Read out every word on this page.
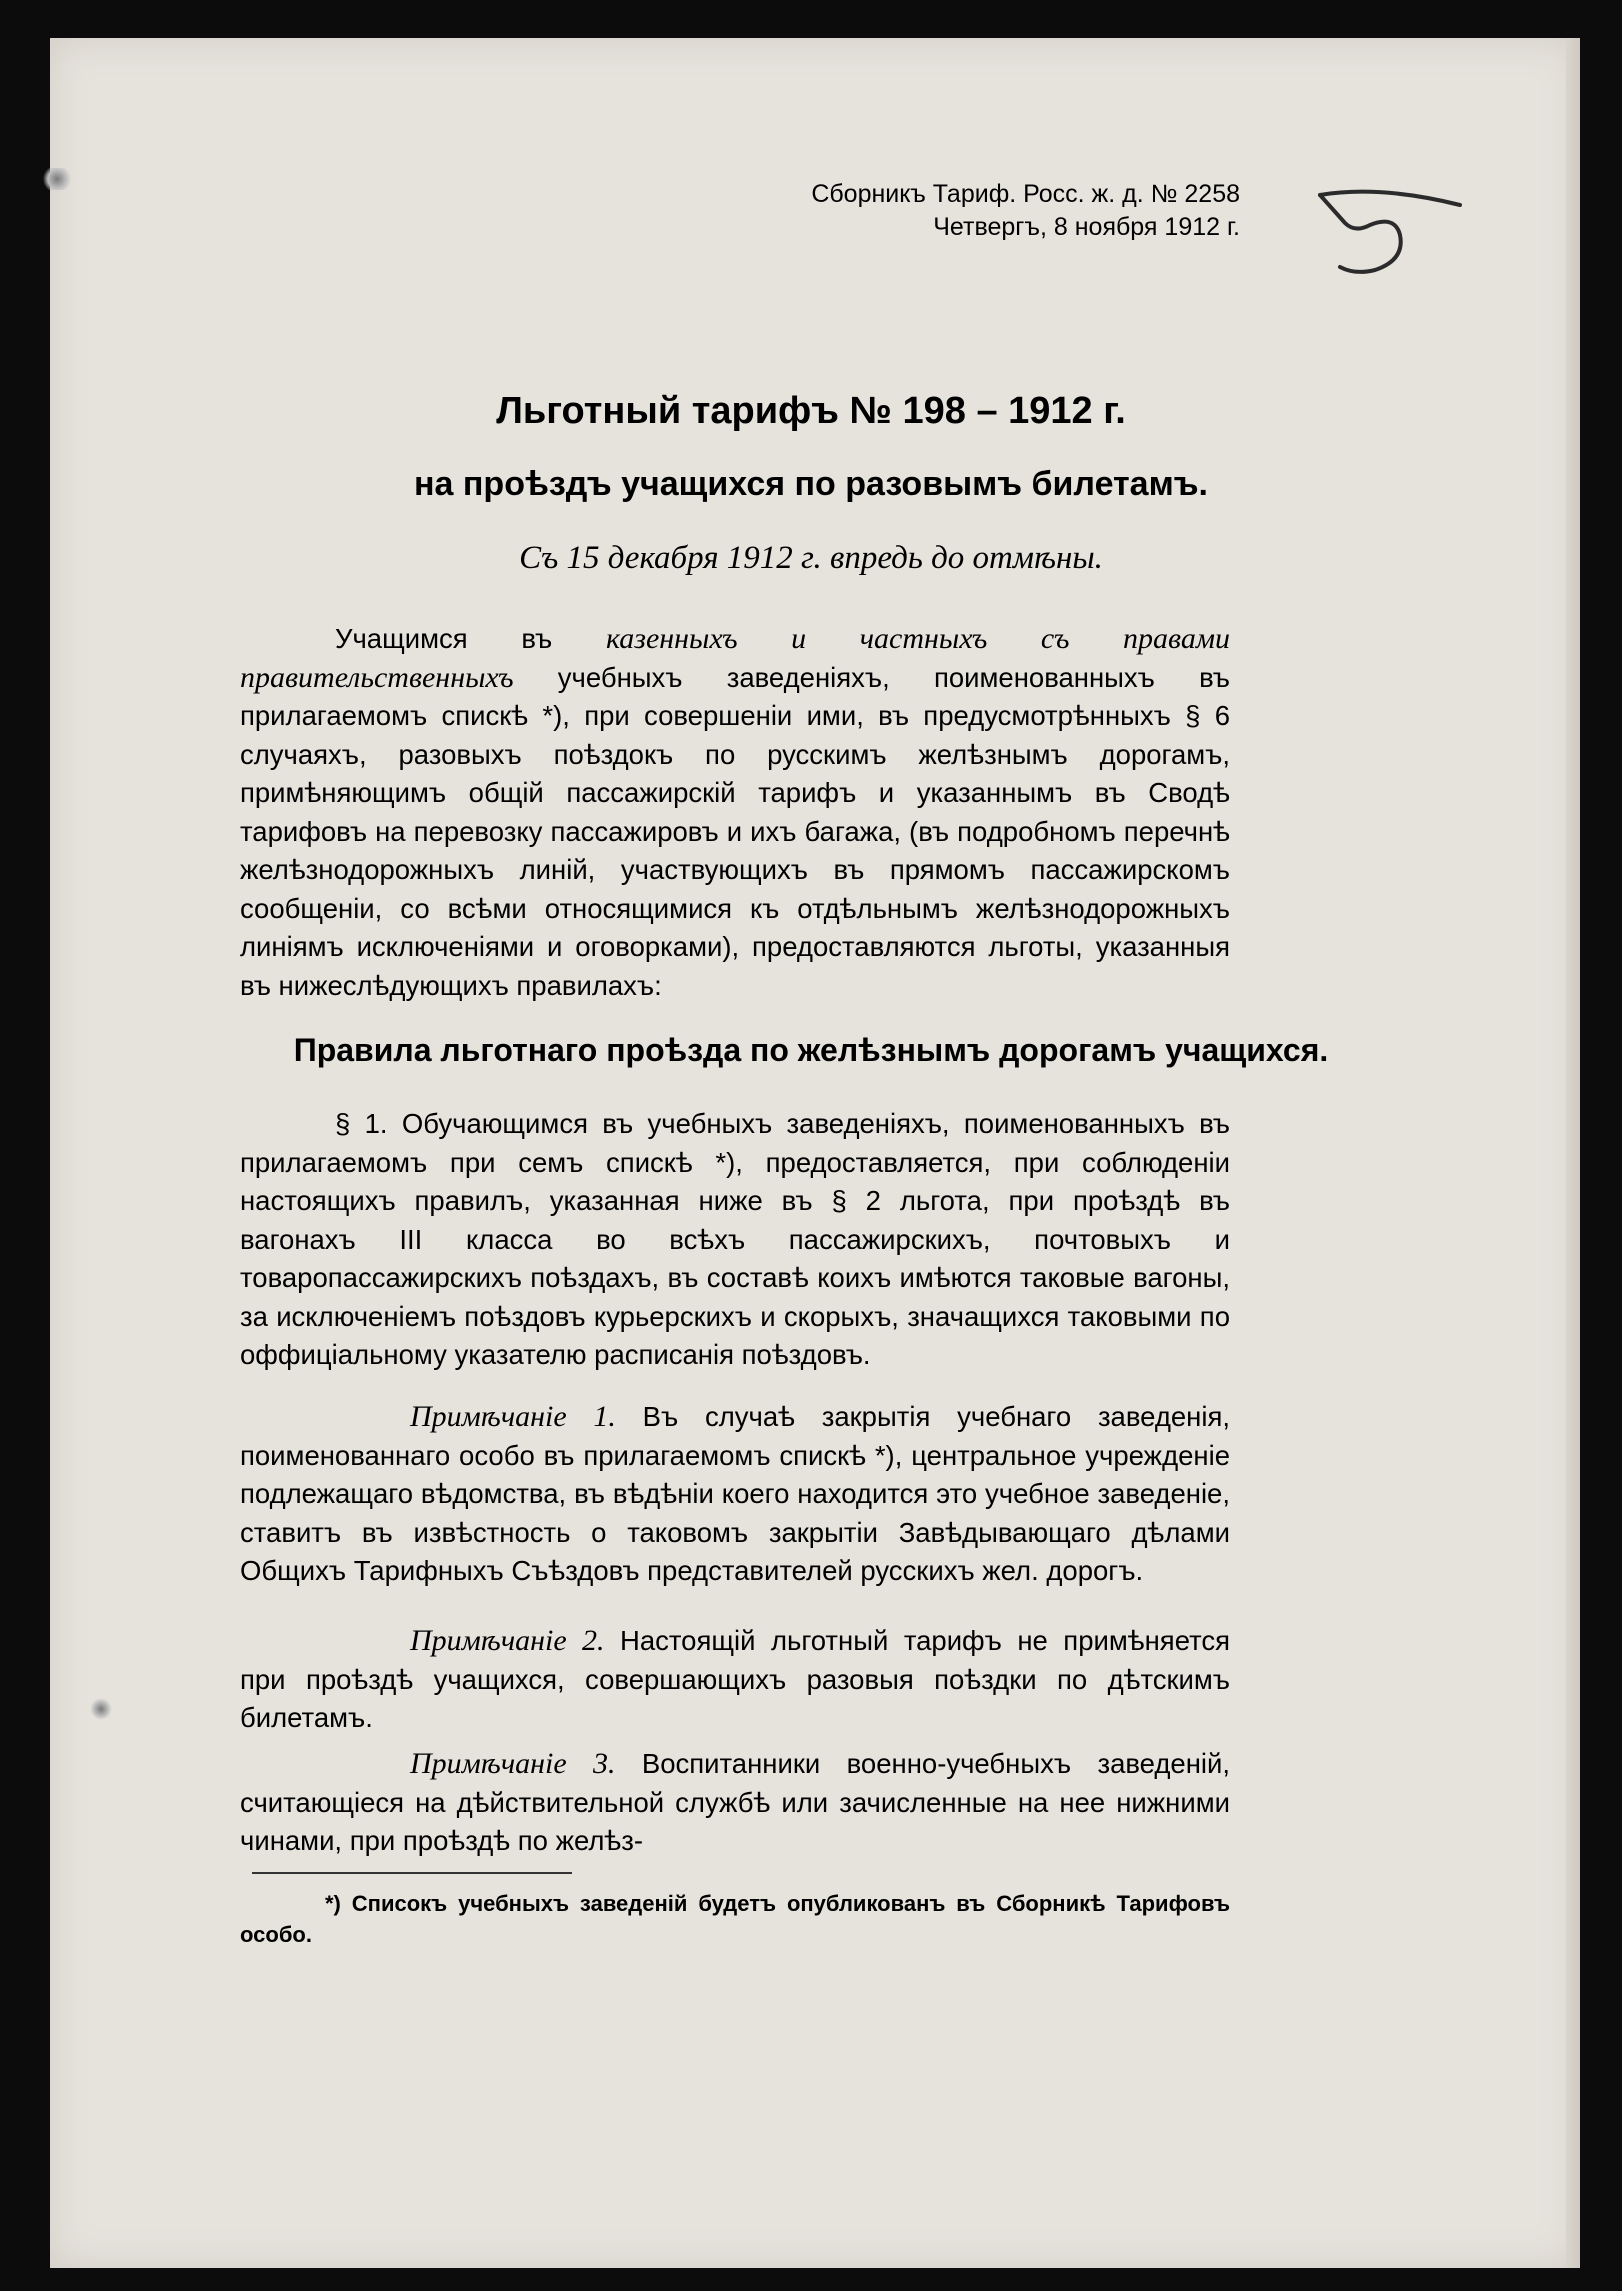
Сборникъ Тариф. Росс. ж. д. № 2258
Четвергъ, 8 ноября 1912 г.
Льготный тарифъ № 198 – 1912 г.
на проѣздъ учащихся по разовымъ билетамъ.

Съ 15 декабря 1912 г. впредь до отмѣны.

Учащимся въ казенныхъ и частныхъ съ правами правительственныхъ учебныхъ заведеніяхъ, поименованныхъ въ прилагаемомъ спискѣ *), при совершеніи ими, въ предусмотрѣнныхъ § 6 случаяхъ, разовыхъ поѣздокъ по русскимъ желѣзнымъ дорогамъ, примѣняющимъ общій пассажирскій тарифъ и указаннымъ въ Сводѣ тарифовъ на перевозку пассажировъ и ихъ багажа, (въ подробномъ перечнѣ желѣзнодорожныхъ линій, участвующихъ въ прямомъ пассажирскомъ сообщеніи, со всѣми относящимися къ отдѣльнымъ желѣзнодорожныхъ линіямъ исключеніями и оговорками), предоставляются льготы, указанныя въ нижеслѣдующихъ правилахъ:

Правила льготнаго проѣзда по желѣзнымъ дорогамъ учащихся.

§ 1. Обучающимся въ учебныхъ заведеніяхъ, поименованныхъ въ прилагаемомъ при семъ спискѣ *), предоставляется, при соблюденіи настоящихъ правилъ, указанная ниже въ § 2 льгота, при проѣздѣ въ вагонахъ III класса во всѣхъ пассажирскихъ, почтовыхъ и товаропассажирскихъ поѣздахъ, въ составѣ коихъ имѣются таковые вагоны, за исключеніемъ поѣздовъ курьерскихъ и скорыхъ, значащихся таковыми по оффиціальному указателю расписанія поѣздовъ.

Примѣчаніе 1. Въ случаѣ закрытія учебнаго заведенія, поименованнаго особо въ прилагаемомъ спискѣ *), центральное учрежденіе подлежащаго вѣдомства, въ вѣдѣніи коего находится это учебное заведеніе, ставитъ въ извѣстность о таковомъ закрытіи Завѣдывающаго дѣлами Общихъ Тарифныхъ Съѣздовъ представителей русскихъ жел. дорогъ.

Примѣчаніе 2. Настоящій льготный тарифъ не примѣняется при проѣздѣ учащихся, совершающихъ разовыя поѣздки по дѣтскимъ билетамъ.

Примѣчаніе 3. Воспитанники военно-учебныхъ заведеній, считающіеся на дѣйствительной службѣ или зачисленные на нее нижними чинами, при проѣздѣ по желѣз-

*) Списокъ учебныхъ заведеній будетъ опубликованъ въ Сборникѣ Тарифовъ особо.
